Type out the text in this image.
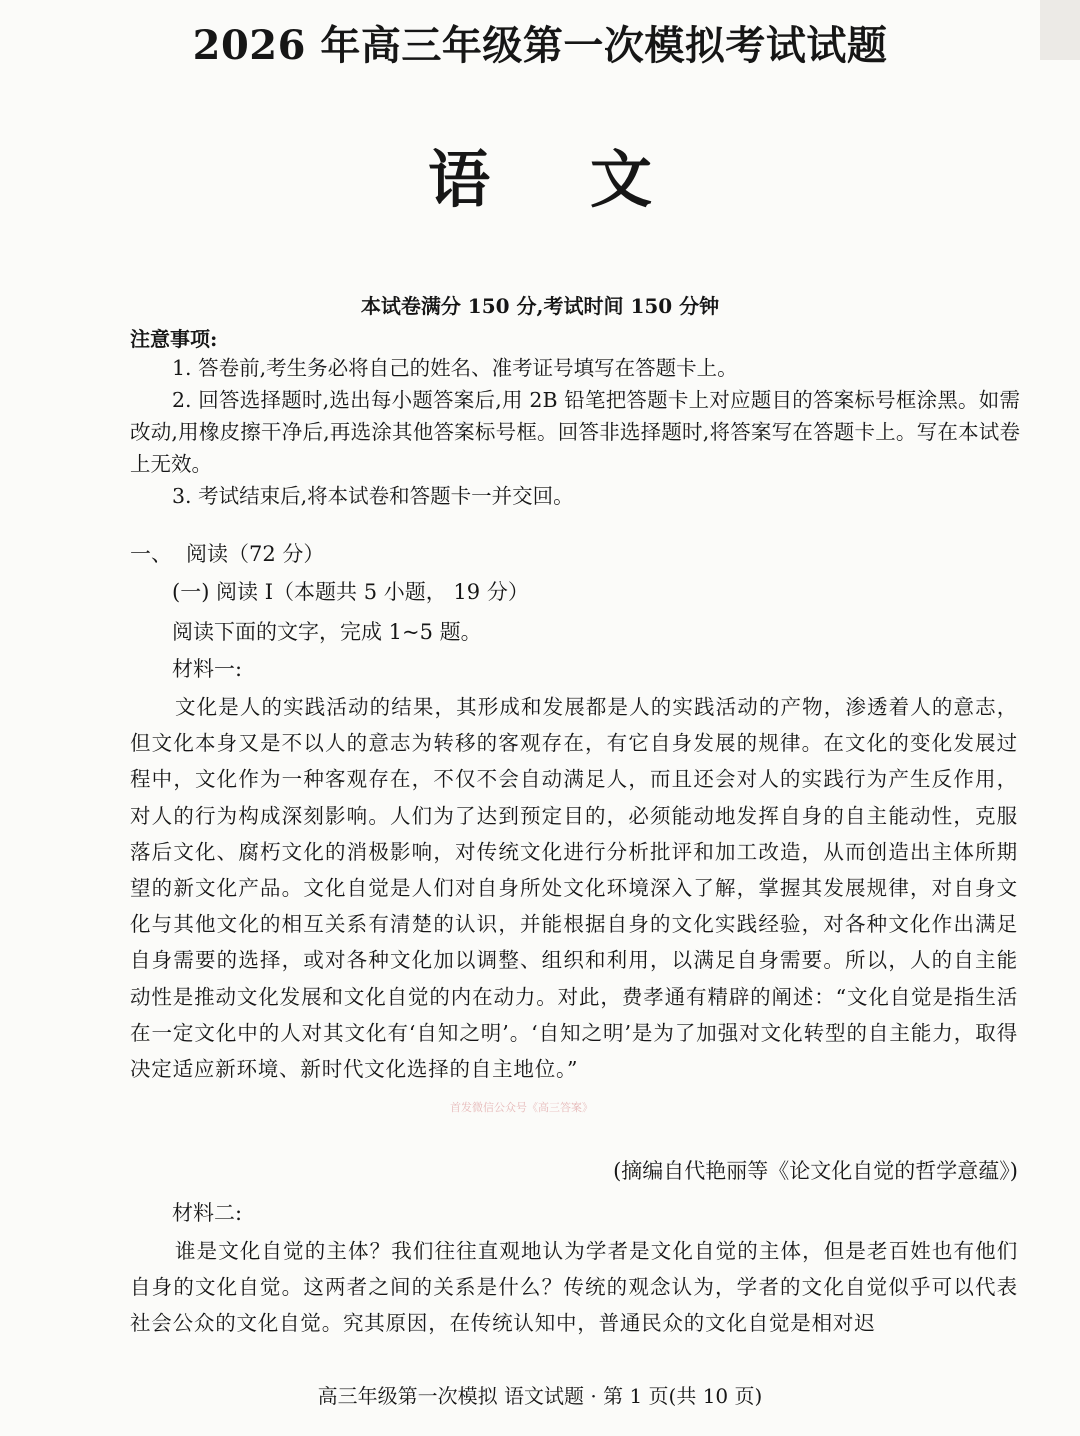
2026 年高三年级第一次模拟考试试题
语文
本试卷满分 150 分,考试时间 150 分钟
注意事项:
1. 答卷前,考生务必将自己的姓名、准考证号填写在答题卡上。
2. 回答选择题时,选出每小题答案后,用 2B 铅笔把答题卡上对应题目的答案标号框涂黑。如需改动,用橡皮擦干净后,再选涂其他答案标号框。回答非选择题时,将答案写在答题卡上。写在本试卷上无效。
3. 考试结束后,将本试卷和答题卡一并交回。
一、 阅读（72 分）
(一) 阅读 I（本题共 5 小题， 19 分）
阅读下面的文字，完成 1~5 题。
材料一:

文化是人的实践活动的结果，其形成和发展都是人的实践活动的产物，渗透着人的意志，但文化本身又是不以人的意志为转移的客观存在，有它自身发展的规律。在文化的变化发展过程中，文化作为一种客观存在，不仅不会自动满足人，而且还会对人的实践行为产生反作用，对人的行为构成深刻影响。人们为了达到预定目的，必须能动地发挥自身的自主能动性，克服落后文化、腐朽文化的消极影响，对传统文化进行分析批评和加工改造，从而创造出主体所期望的新文化产品。文化自觉是人们对自身所处文化环境深入了解，掌握其发展规律，对自身文化与其他文化的相互关系有清楚的认识，并能根据自身的文化实践经验，对各种文化作出满足自身需要的选择，或对各种文化加以调整、组织和利用，以满足自身需要。所以，人的自主能动性是推动文化发展和文化自觉的内在动力。对此，费孝通有精辟的阐述：“文化自觉是指生活在一定文化中的人对其文化有‘自知之明’。‘自知之明’是为了加强对文化转型的自主能力，取得决定适应新环境、新时代文化选择的自主地位。”

首发微信公众号《高三答案》
(摘编自代艳丽等《论文化自觉的哲学意蕴》)
材料二:

谁是文化自觉的主体？我们往往直观地认为学者是文化自觉的主体，但是老百姓也有他们自身的文化自觉。这两者之间的关系是什么？传统的观念认为，学者的文化自觉似乎可以代表社会公众的文化自觉。究其原因，在传统认知中，普通民众的文化自觉是相对迟

高三年级第一次模拟 语文试题 · 第 1 页(共 10 页)
